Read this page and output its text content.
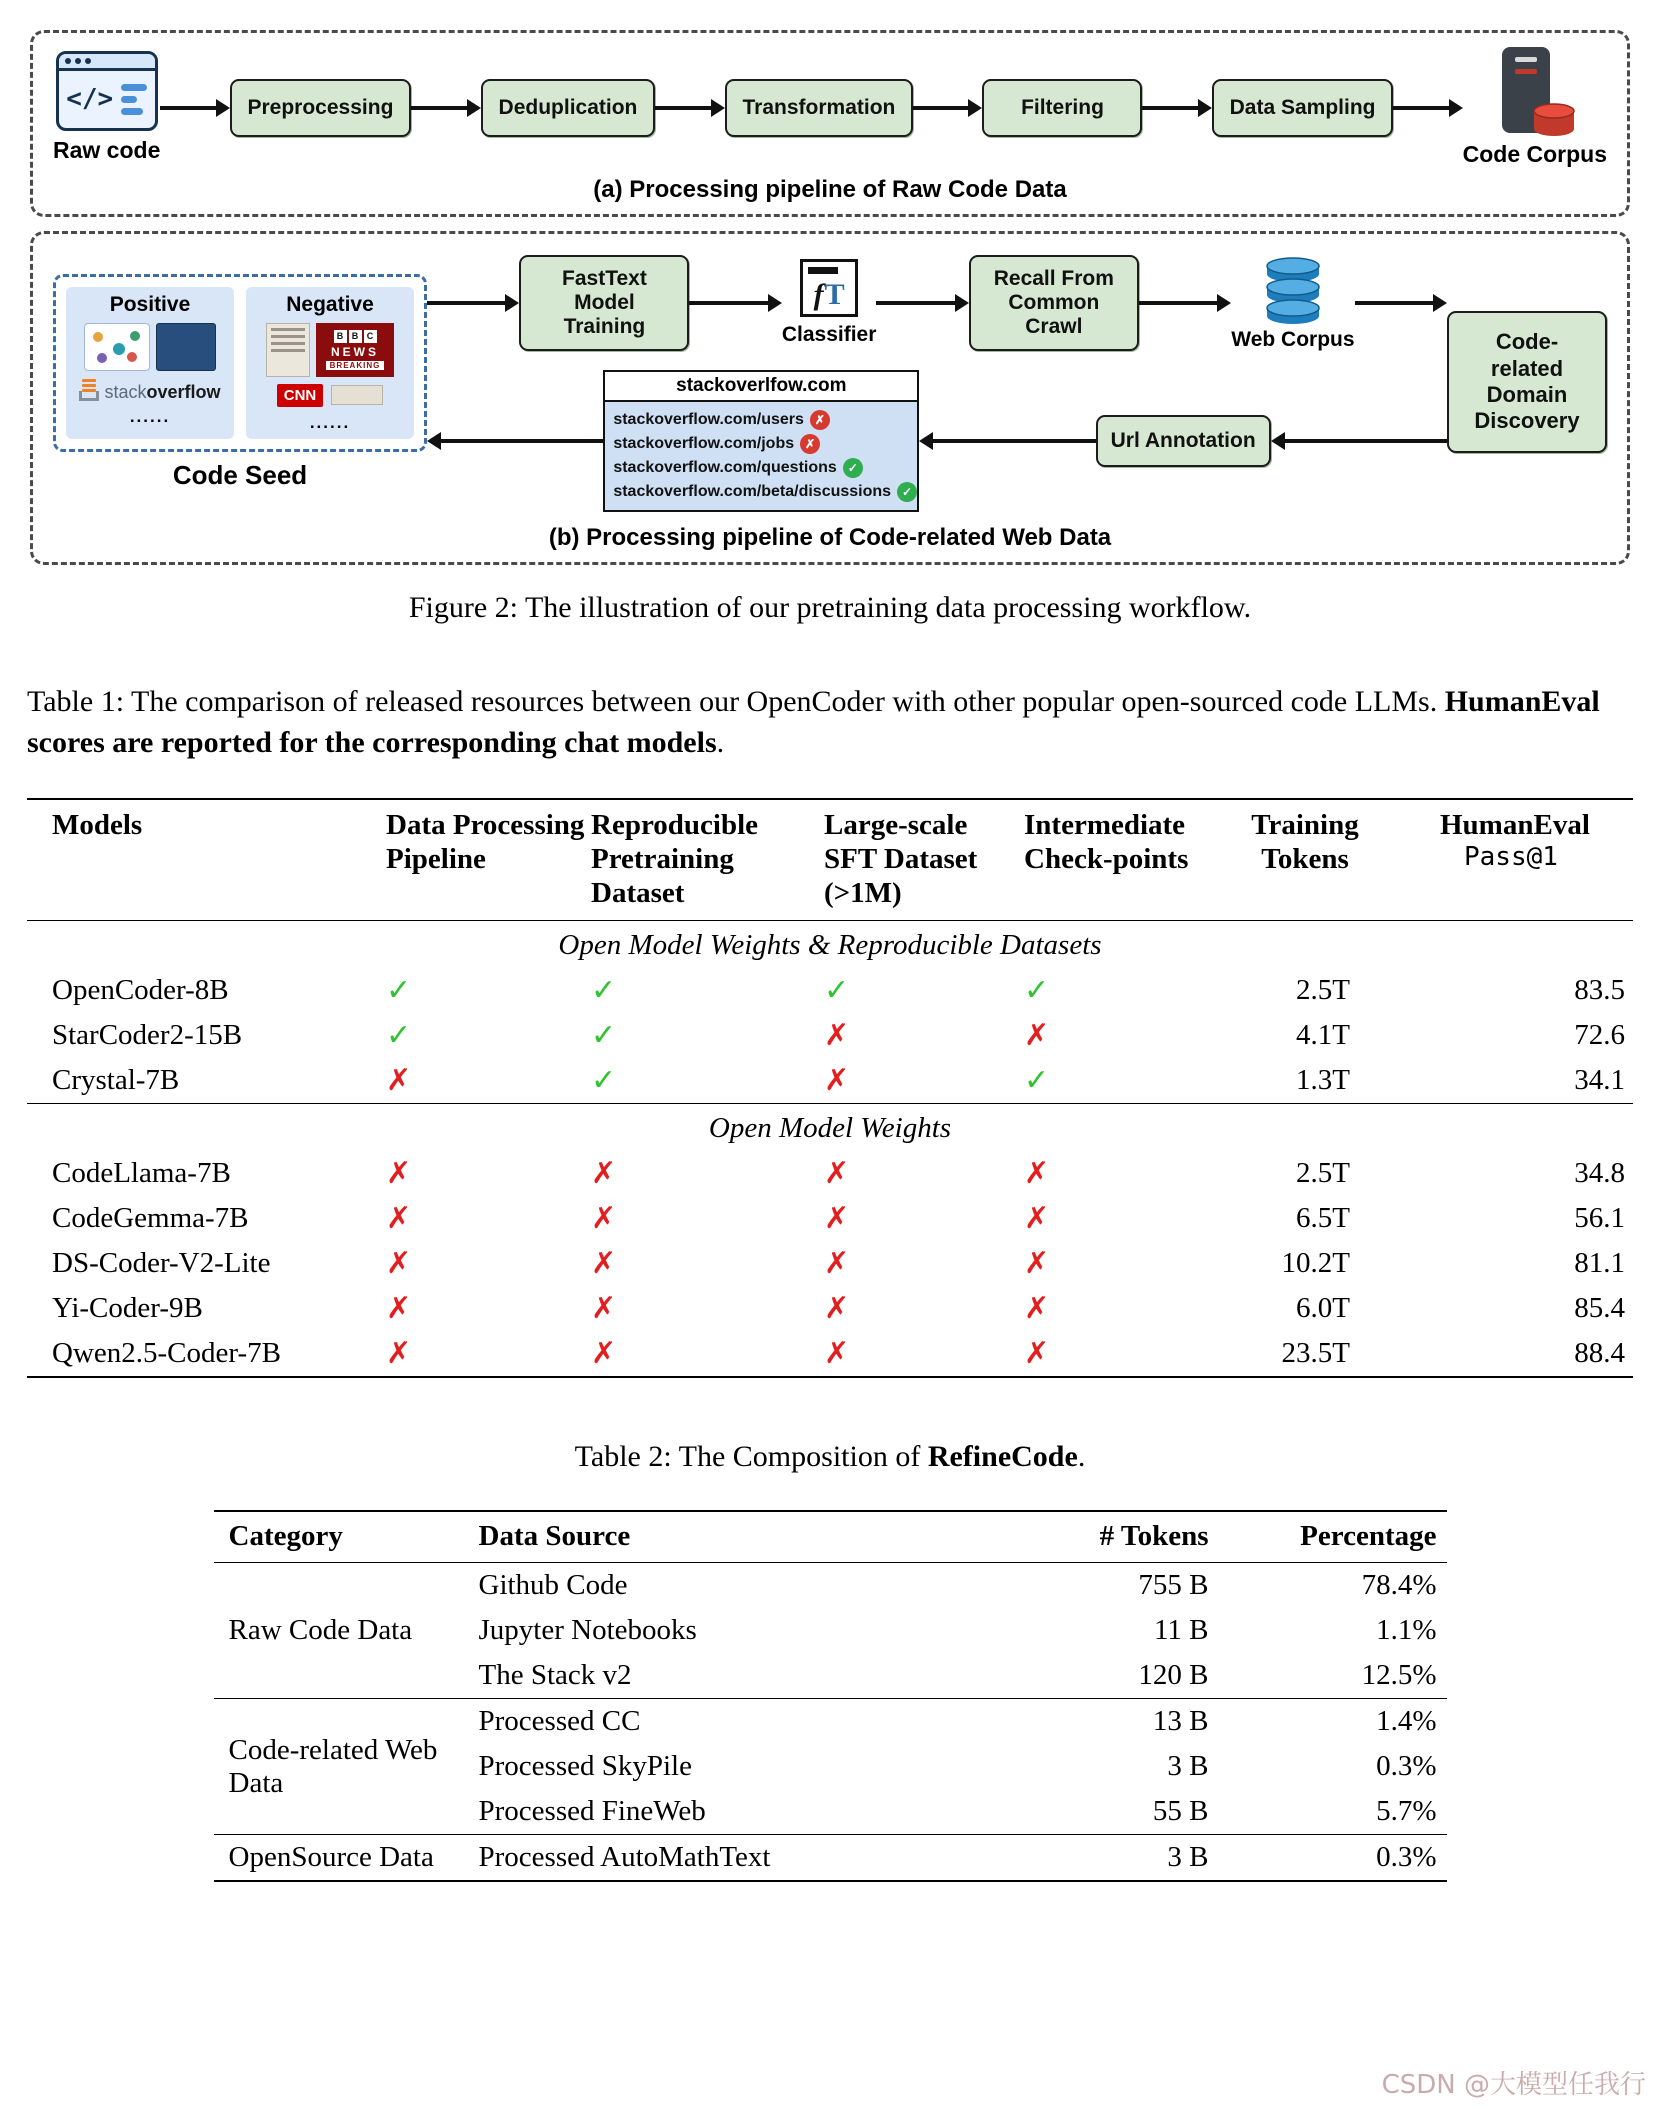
</>
Raw code
Preprocessing	Deduplication	Transformation	Filtering	Data Sampling
Code Corpus
(a) Processing pipeline of Raw Code Data
Positive
stackoverflow
......
Negative
B B C
NEWS
BREAKING
CNN
......
Code Seed
FastText Model Training
f T
Classifier
Recall From Common Crawl
Web Corpus
stackoverlfow.com
stackoverflow.com/users ✗
stackoverflow.com/jobs ✗
stackoverflow.com/questions ✓
stackoverflow.com/beta/discussions ✓
Url Annotation
Code-related Domain Discovery
(b) Processing pipeline of Code-related Web Data

Figure 2: The illustration of our pretraining data processing workflow.

Table 1: The comparison of released resources between our OpenCoder with other popular open-sourced code LLMs. HumanEval scores are reported for the corresponding chat models.

Models	Data Processing Pipeline	Reproducible Pretraining Dataset	Large-scale SFT Dataset (>1M)	Intermediate Check-points	Training Tokens	HumanEval
Pass@1

Open Model Weights & Reproducible Datasets						
OpenCoder-8B	✓	✓	✓	✓	2.5T	83.5
StarCoder2-15B	✓	✓	✗	✗	4.1T	72.6
Crystal-7B	✗	✓	✗	✓	1.3T	34.1
Open Model Weights						
CodeLlama-7B	✗	✗	✗	✗	2.5T	34.8
CodeGemma-7B	✗	✗	✗	✗	6.5T	56.1
DS-Coder-V2-Lite	✗	✗	✗	✗	10.2T	81.1
Yi-Coder-9B	✗	✗	✗	✗	6.0T	85.4
Qwen2.5-Coder-7B	✗	✗	✗	✗	23.5T	88.4

Table 2: The Composition of RefineCode.

Category	Data Source	# Tokens	Percentage
Raw Code Data	Github Code	755 B	78.4%
	Jupyter Notebooks	11 B	1.1%
	The Stack v2	120 B	12.5%
Code-related Web Data	Processed CC	13 B	1.4%
	Processed SkyPile	3 B	0.3%
	Processed FineWeb	55 B	5.7%
OpenSource Data	Processed AutoMathText	3 B	0.3%
CSDN @大模型任我行
